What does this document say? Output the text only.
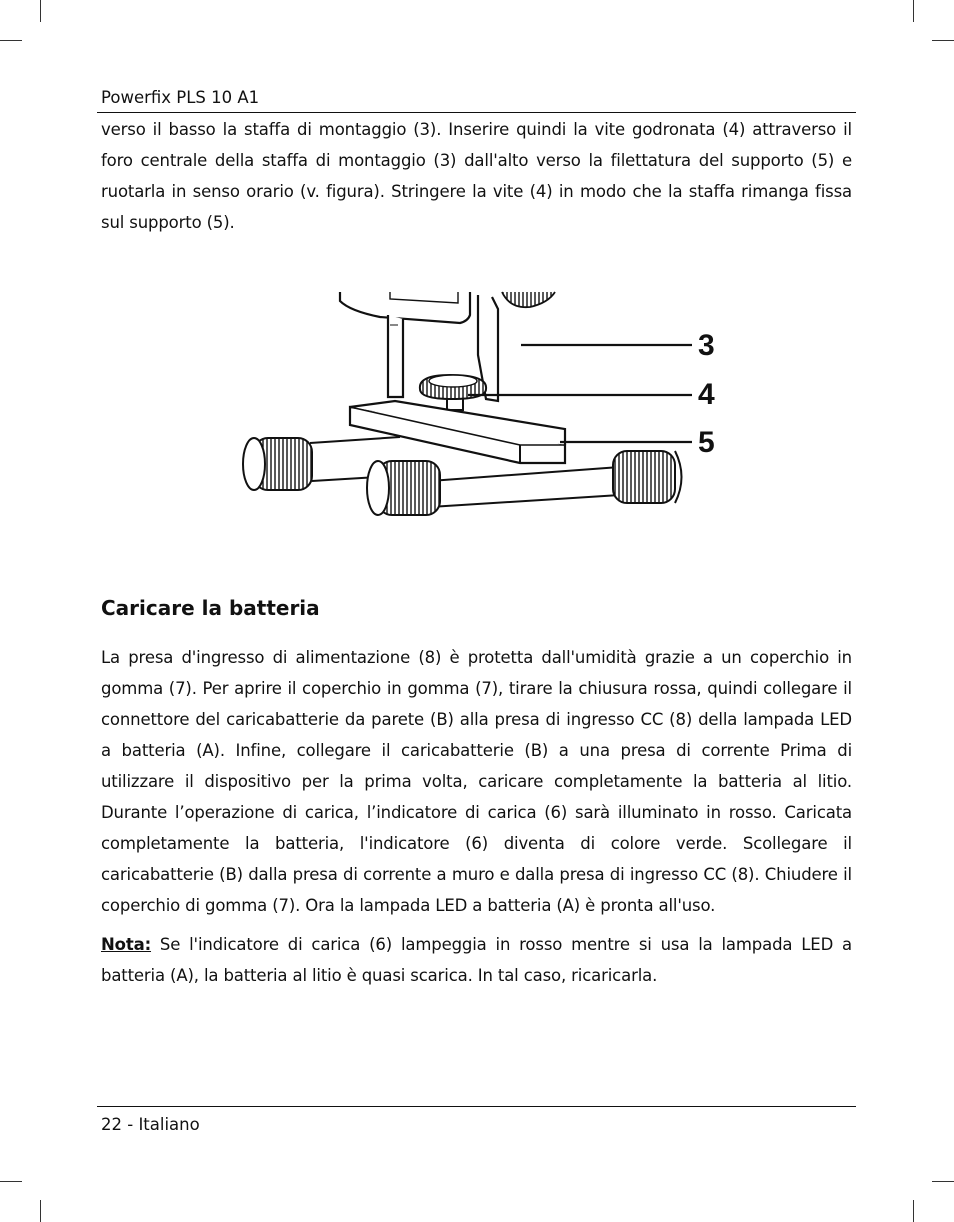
Powerfix PLS 10 A1

verso il basso la staffa di montaggio (3). Inserire quindi la vite godronata (4) attraverso il foro centrale della staffa di montaggio (3) dall'alto verso la filettatura del supporto (5) e ruotarla in senso orario (v. figura). Stringere la vite (4) in modo che la staffa rimanga fissa sul supporto (5).

3
4
5
Caricare la batteria

La presa d'ingresso di alimentazione (8) è protetta dall'umidità grazie a un coperchio in gomma (7). Per aprire il coperchio in gomma (7), tirare la chiusura rossa, quindi collegare il connettore del caricabatterie da parete (B) alla presa di ingresso CC (8) della lampada LED a batteria (A). Infine, collegare il caricabatterie (B) a una presa di corrente Prima di utilizzare il dispositivo per la prima volta, caricare completamente la batteria al litio. Durante l’operazione di carica, l’indicatore di carica (6) sarà illuminato in rosso. Caricata completamente la batteria, l'indicatore (6) diventa di colore verde. Scollegare il caricabatterie (B) dalla presa di corrente a muro e dalla presa di ingresso CC (8). Chiudere il coperchio di gomma (7). Ora la lampada LED a batteria (A) è pronta all'uso.

Nota: Se l'indicatore di carica (6) lampeggia in rosso mentre si usa la lampada LED a batteria (A), la batteria al litio è quasi scarica. In tal caso, ricaricarla.

22 - Italiano
